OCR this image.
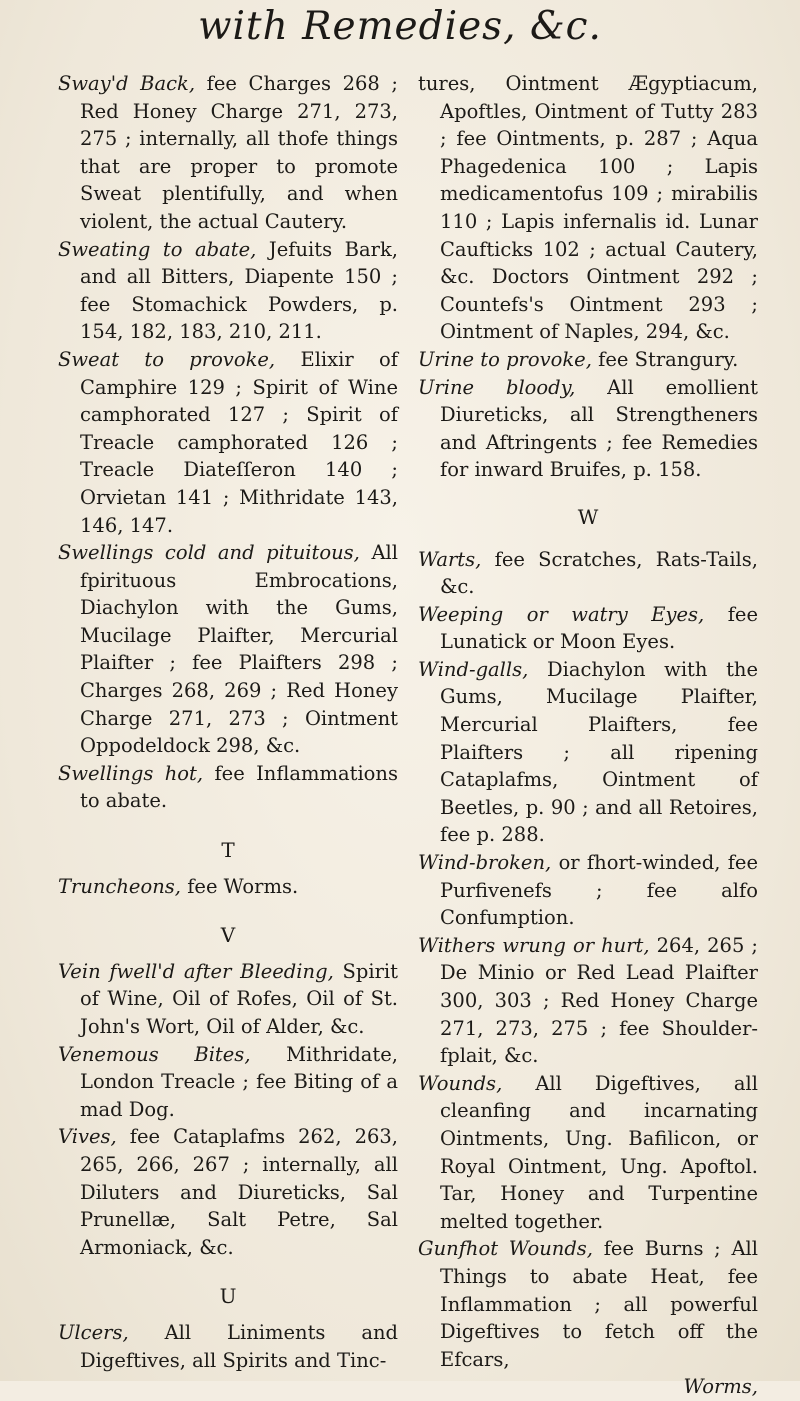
with Remedies, &c.
Sway'd Back, fee Charges 268 ; Red Honey Charge 271, 273, 275 ; internally, all thofe things that are proper to promote Sweat plentifully, and when violent, the actual Cautery.
Sweating to abate, Jefuits Bark, and all Bitters, Diapente 150 ; fee Stomachick Powders, p. 154, 182, 183, 210, 211.
Sweat to provoke, Elixir of Camphire 129 ; Spirit of Wine camphorated 127 ; Spirit of Treacle camphorated 126 ; Treacle Diateſſeron 140 ; Orvietan 141 ; Mithridate 143, 146, 147.
Swellings cold and pituitous, All fpirituous Embrocations, Diachylon with the Gums, Mucilage Plaifter, Mercurial Plaifter ; fee Plaifters 298 ; Charges 268, 269 ; Red Honey Charge 271, 273 ; Ointment Oppodeldock 298, &c.
Swellings hot, fee Inflammations to abate.
T
Truncheons, fee Worms.
V
Vein fwell'd after Bleeding, Spirit of Wine, Oil of Rofes, Oil of St. John's Wort, Oil of Alder, &c.
Venemous Bites, Mithridate, London Treacle ; fee Biting of a mad Dog.
Vives, fee Cataplafms 262, 263, 265, 266, 267 ; internally, all Diluters and Diureticks, Sal Prunellæ, Salt Petre, Sal Armoniack, &c.
U
Ulcers, All Liniments and Digeftives, all Spirits and Tinc-
tures, Ointment Ægyptiacum, Apoftles, Ointment of Tutty 283 ; fee Ointments, p. 287 ; Aqua Phagedenica 100 ; Lapis medicamentofus 109 ; mirabilis 110 ; Lapis infernalis id. Lunar Caufticks 102 ; actual Cautery, &c. Doctors Ointment 292 ; Countefs's Ointment 293 ; Ointment of Naples, 294, &c.
Urine to provoke, fee Strangury.
Urine bloody, All emollient Diureticks, all Strengtheners and Aftringents ; fee Remedies for inward Bruifes, p. 158.
W
Warts, fee Scratches, Rats-Tails, &c.
Weeping or watry Eyes, fee Lunatick or Moon Eyes.
Wind-galls, Diachylon with the Gums, Mucilage Plaifter, Mercurial Plaifters, fee Plaifters ; all ripening Cataplafms, Ointment of Beetles, p. 90 ; and all Retoires, fee p. 288.
Wind-broken, or fhort-winded, fee Purfivenefs ; fee alfo Confumption.
Withers wrung or hurt, 264, 265 ; De Minio or Red Lead Plaifter 300, 303 ; Red Honey Charge 271, 273, 275 ; fee Shoulder-fplait, &c.
Wounds, All Digeftives, all cleanfing and incarnating Ointments, Ung. Bafilicon, or Royal Ointment, Ung. Apoftol. Tar, Honey and Turpentine melted together.
Gunfhot Wounds, fee Burns ; All Things to abate Heat, fee Inflammation ; all powerful Digeftives to fetch off the Efcars,
Worms,
